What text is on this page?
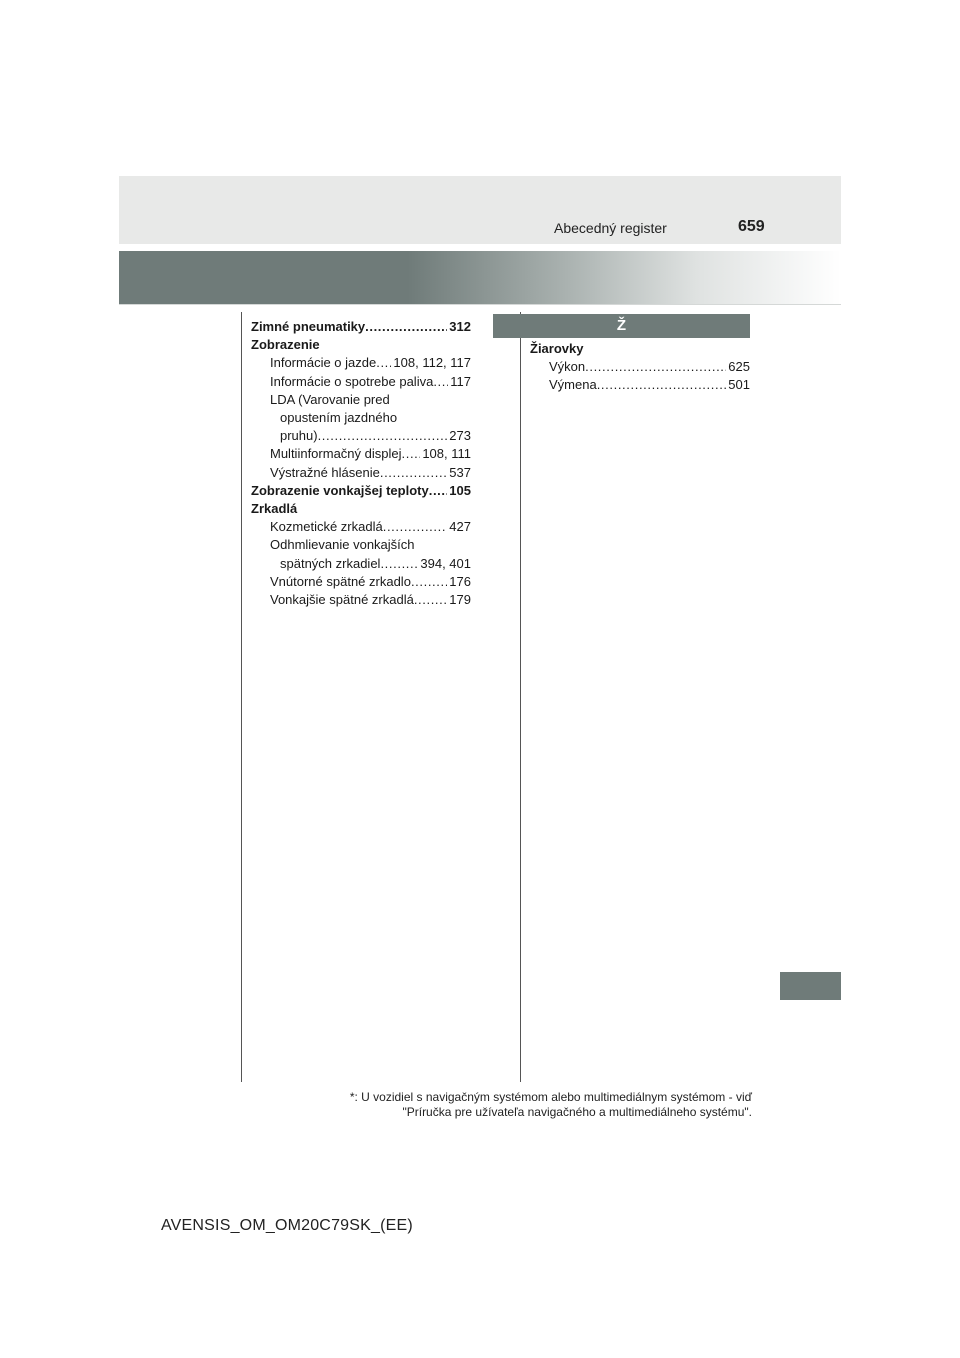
Abecedný register	659
Zimné pneumatiky . . .	312
Zobrazenie
Informácie o jazde . . . 108, 112, 117
Informácie o spotrebe paliva . . . 117
LDA (Varovanie pred
opustením jazdného
pruhu) . . .	273
Multiinformačný displej . . . 108, 111
Výstražné hlásenie . . .	537
Zobrazenie vonkajšej teploty . . . 105
Zrkadlá
Kozmetické zrkadlá . . .	427
Odhmlievanie vonkajších
spätných zrkadiel . . .	394, 401
Vnútorné spätné zrkadlo . . .	176
Vonkajšie spätné zrkadlá . . .	179
Ž
Žiarovky
Výkon . . .	625
Výmena . . .	501
*: U vozidiel s navigačným systémom alebo multimediálnym systémom - viď
"Príručka pre užívateľa navigačného a multimediálneho systému".
AVENSIS_OM_OM20C79SK_(EE)
